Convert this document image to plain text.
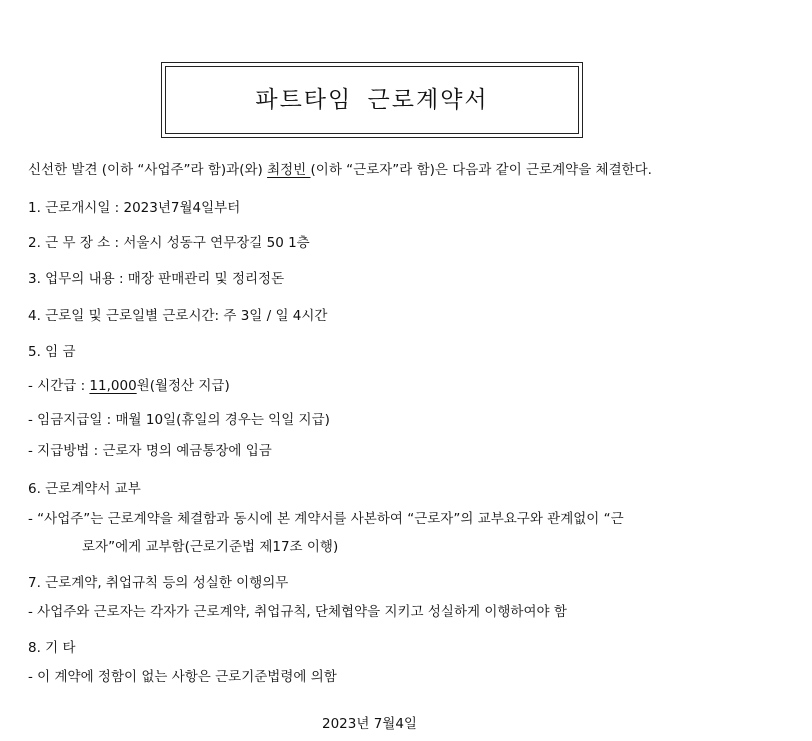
파트타임 근로계약서
신선한 발견 (이하 “사업주”라 함)과(와) 최정빈 (이하 “근로자”라 함)은 다음과 같이 근로계약을 체결한다.
1. 근로개시일 : 2023년7월4일부터
2. 근 무 장 소 : 서울시 성동구 연무장길 50 1층
3. 업무의 내용 : 매장 판매관리 및 정리정돈
4. 근로일 및 근로일별 근로시간: 주 3일 / 일 4시간
5. 임 금
- 시간급 : 11,000원(월정산 지급)
- 임금지급일 : 매월 10일(휴일의 경우는 익일 지급)
- 지급방법 : 근로자 명의 예금통장에 입금
6. 근로계약서 교부
- “사업주”는 근로계약을 체결함과 동시에 본 계약서를 사본하여 “근로자”의 교부요구와 관계없이 “근
로자”에게 교부함(근로기준법 제17조 이행)
7. 근로계약, 취업규칙 등의 성실한 이행의무
- 사업주와 근로자는 각자가 근로계약, 취업규칙, 단체협약을 지키고 성실하게 이행하여야 함
8. 기 타
- 이 계약에 정함이 없는 사항은 근로기준법령에 의함
2023년 7월4일
